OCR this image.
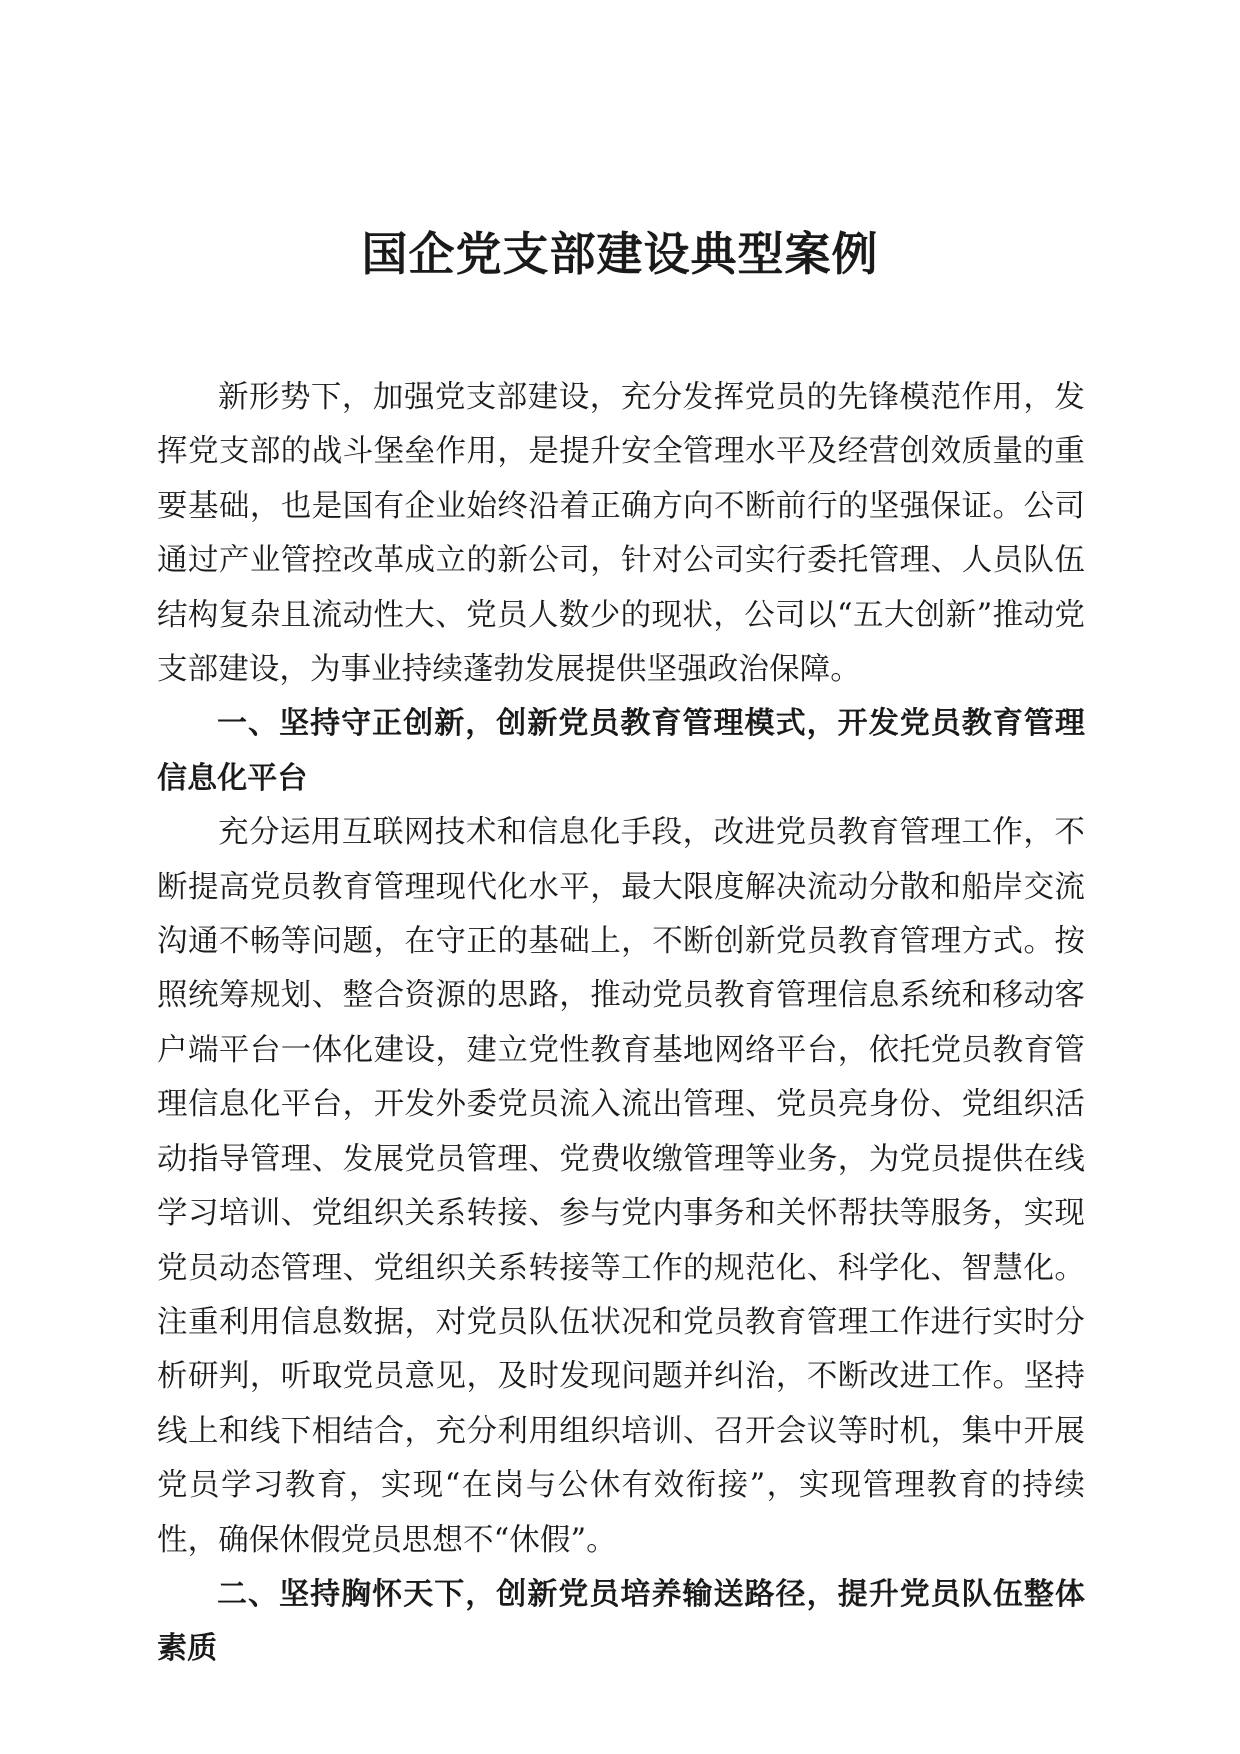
国企党支部建设典型案例

新形势下，加强党支部建设，充分发挥党员的先锋模范作用，发挥党支部的战斗堡垒作用，是提升安全管理水平及经营创效质量的重要基础，也是国有企业始终沿着正确方向不断前行的坚强保证。公司通过产业管控改革成立的新公司，针对公司实行委托管理、人员队伍结构复杂且流动性大、党员人数少的现状，公司以“五大创新”推动党支部建设，为事业持续蓬勃发展提供坚强政治保障。

一、坚持守正创新，创新党员教育管理模式，开发党员教育管理信息化平台

充分运用互联网技术和信息化手段，改进党员教育管理工作，不断提高党员教育管理现代化水平，最大限度解决流动分散和船岸交流沟通不畅等问题，在守正的基础上，不断创新党员教育管理方式。按照统筹规划、整合资源的思路，推动党员教育管理信息系统和移动客户端平台一体化建设，建立党性教育基地网络平台，依托党员教育管理信息化平台，开发外委党员流入流出管理、党员亮身份、党组织活动指导管理、发展党员管理、党费收缴管理等业务，为党员提供在线学习培训、党组织关系转接、参与党内事务和关怀帮扶等服务，实现党员动态管理、党组织关系转接等工作的规范化、科学化、智慧化。注重利用信息数据，对党员队伍状况和党员教育管理工作进行实时分析研判，听取党员意见，及时发现问题并纠治，不断改进工作。坚持线上和线下相结合，充分利用组织培训、召开会议等时机，集中开展党员学习教育，实现“在岗与公休有效衔接”，实现管理教育的持续性，确保休假党员思想不“休假”。

二、坚持胸怀天下，创新党员培养输送路径，提升党员队伍整体素质
